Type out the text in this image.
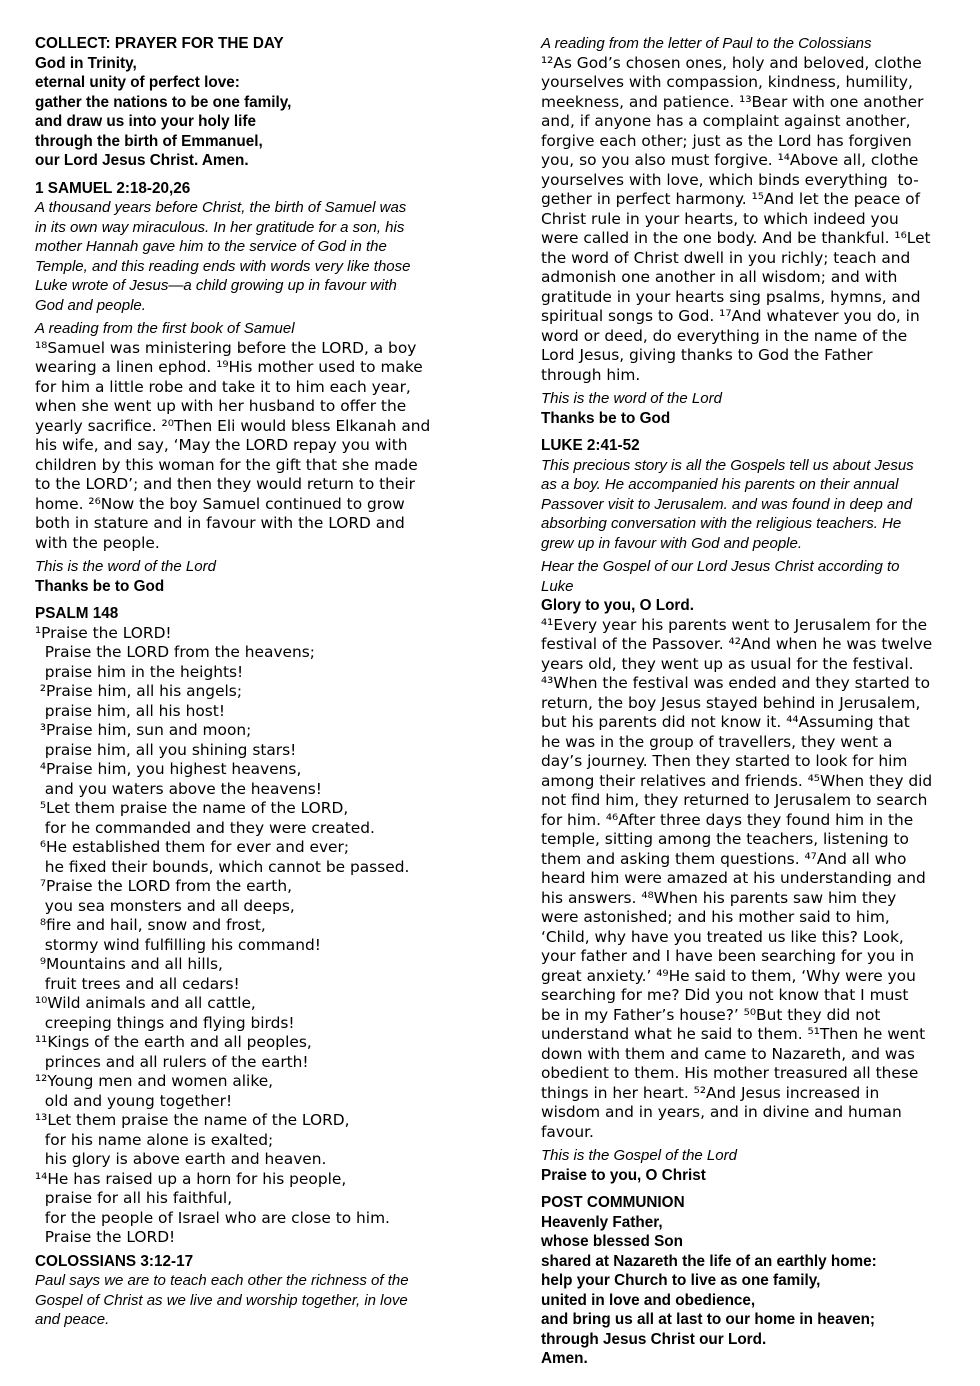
COLLECT: PRAYER FOR THE DAY

God in Trinity,

eternal unity of perfect love:

gather the nations to be one family,

and draw us into your holy life

through the birth of Emmanuel,

our Lord Jesus Christ. Amen.

1 SAMUEL 2:18-20,26

A thousand years before Christ, the birth of Samuel was

in its own way miraculous. In her gratitude for a son, his

mother Hannah gave him to the service of God in the

Temple, and this reading ends with words very like those

Luke wrote of Jesus—a child growing up in favour with

God and people.

A reading from the first book of Samuel

¹⁸Samuel was ministering before the LORD, a boy

wearing a linen ephod. ¹⁹His mother used to make

for him a little robe and take it to him each year,

when she went up with her husband to offer the

yearly sacrifice. ²⁰Then Eli would bless Elkanah and

his wife, and say, ‘May the LORD repay you with

children by this woman for the gift that she made

to the LORD’; and then they would return to their

home. ²⁶Now the boy Samuel continued to grow

both in stature and in favour with the LORD and

with the people.

This is the word of the Lord

Thanks be to God

PSALM 148

¹Praise the LORD!

Praise the LORD from the heavens;

praise him in the heights!

²Praise him, all his angels;

praise him, all his host!

³Praise him, sun and moon;

praise him, all you shining stars!

⁴Praise him, you highest heavens,

and you waters above the heavens!

⁵Let them praise the name of the LORD,

for he commanded and they were created.

⁶He established them for ever and ever;

he fixed their bounds, which cannot be passed.

⁷Praise the LORD from the earth,

you sea monsters and all deeps,

⁸fire and hail, snow and frost,

stormy wind fulfilling his command!

⁹Mountains and all hills,

fruit trees and all cedars!

¹⁰Wild animals and all cattle,

creeping things and flying birds!

¹¹Kings of the earth and all peoples,

princes and all rulers of the earth!

¹²Young men and women alike,

old and young together!

¹³Let them praise the name of the LORD,

for his name alone is exalted;

his glory is above earth and heaven.

¹⁴He has raised up a horn for his people,

praise for all his faithful,

for the people of Israel who are close to him.

Praise the LORD!

COLOSSIANS 3:12-17

Paul says we are to teach each other the richness of the

Gospel of Christ as we live and worship together, in love

and peace.

A reading from the letter of Paul to the Colossians

¹²As God’s chosen ones, holy and beloved, clothe

yourselves with compassion, kindness, humility,

meekness, and patience. ¹³Bear with one another

and, if anyone has a complaint against another,

forgive each other; just as the Lord has forgiven

you, so you also must forgive. ¹⁴Above all, clothe

yourselves with love, which binds everything  to-

gether in perfect harmony. ¹⁵And let the peace of

Christ rule in your hearts, to which indeed you

were called in the one body. And be thankful. ¹⁶Let

the word of Christ dwell in you richly; teach and

admonish one another in all wisdom; and with

gratitude in your hearts sing psalms, hymns, and

spiritual songs to God. ¹⁷And whatever you do, in

word or deed, do everything in the name of the

Lord Jesus, giving thanks to God the Father

through him.

This is the word of the Lord

Thanks be to God

LUKE 2:41-52

This precious story is all the Gospels tell us about Jesus

as a boy. He accompanied his parents on their annual

Passover visit to Jerusalem. and was found in deep and

absorbing conversation with the religious teachers. He

grew up in favour with God and people.

Hear the Gospel of our Lord Jesus Christ according to

Luke

Glory to you, O Lord.

⁴¹Every year his parents went to Jerusalem for the

festival of the Passover. ⁴²And when he was twelve

years old, they went up as usual for the festival.

⁴³When the festival was ended and they started to

return, the boy Jesus stayed behind in Jerusalem,

but his parents did not know it. ⁴⁴Assuming that

he was in the group of travellers, they went a

day’s journey. Then they started to look for him

among their relatives and friends. ⁴⁵When they did

not find him, they returned to Jerusalem to search

for him. ⁴⁶After three days they found him in the

temple, sitting among the teachers, listening to

them and asking them questions. ⁴⁷And all who

heard him were amazed at his understanding and

his answers. ⁴⁸When his parents saw him they

were astonished; and his mother said to him,

‘Child, why have you treated us like this? Look,

your father and I have been searching for you in

great anxiety.’ ⁴⁹He said to them, ‘Why were you

searching for me? Did you not know that I must

be in my Father’s house?’ ⁵⁰But they did not

understand what he said to them. ⁵¹Then he went

down with them and came to Nazareth, and was

obedient to them. His mother treasured all these

things in her heart. ⁵²And Jesus increased in

wisdom and in years, and in divine and human

favour.

This is the Gospel of the Lord

Praise to you, O Christ

POST COMMUNION

Heavenly Father,

whose blessed Son

shared at Nazareth the life of an earthly home:

help your Church to live as one family,

united in love and obedience,

and bring us all at last to our home in heaven;

through Jesus Christ our Lord.

Amen.
